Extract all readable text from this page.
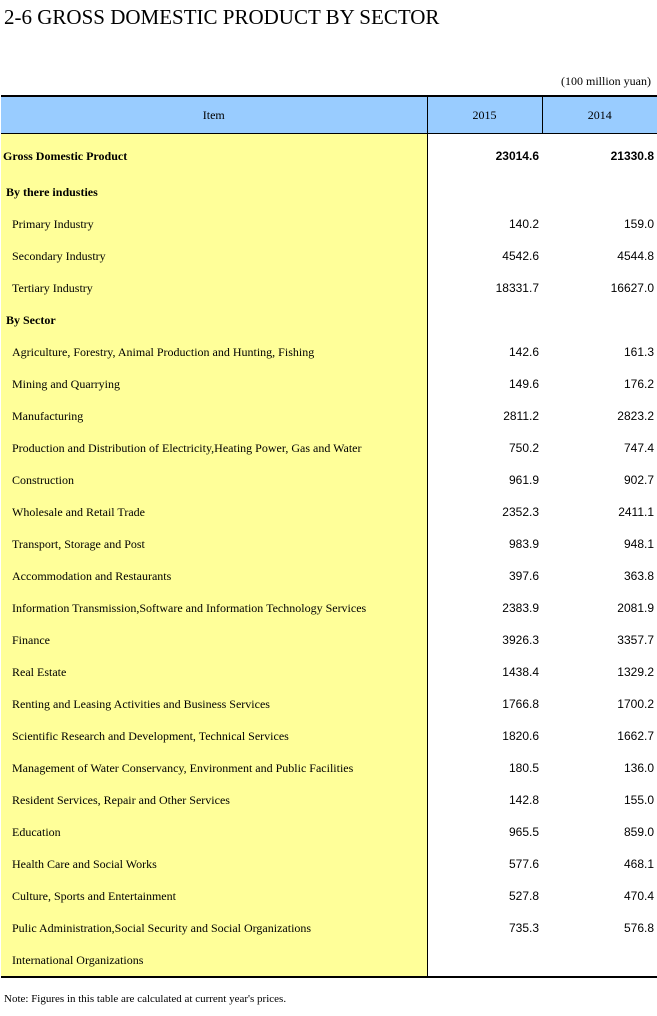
2-6 GROSS DOMESTIC PRODUCT BY SECTOR
(100 million yuan)
Item	2015	2014
Gross Domestic Product	23014.6	21330.8
By there industies		
Primary Industry	140.2	159.0
Secondary Industry	4542.6	4544.8
Tertiary Industry	18331.7	16627.0
By Sector		
Agriculture, Forestry, Animal Production and Hunting, Fishing	142.6	161.3
Mining and Quarrying	149.6	176.2
Manufacturing	2811.2	2823.2
Production and Distribution of Electricity,Heating Power, Gas and Water	750.2	747.4
Construction	961.9	902.7
Wholesale and Retail Trade	2352.3	2411.1
Transport, Storage and Post	983.9	948.1
Accommodation and Restaurants	397.6	363.8
Information Transmission,Software and Information Technology Services	2383.9	2081.9
Finance	3926.3	3357.7
Real Estate	1438.4	1329.2
Renting and Leasing Activities and Business Services	1766.8	1700.2
Scientific Research and Development, Technical Services	1820.6	1662.7
Management of Water Conservancy, Environment and Public Facilities	180.5	136.0
Resident Services, Repair and Other Services	142.8	155.0
Education	965.5	859.0
Health Care and Social Works	577.6	468.1
Culture, Sports and Entertainment	527.8	470.4
Pulic Administration,Social Security and Social Organizations	735.3	576.8
International Organizations		
Note: Figures in this table are calculated at current year's prices.
